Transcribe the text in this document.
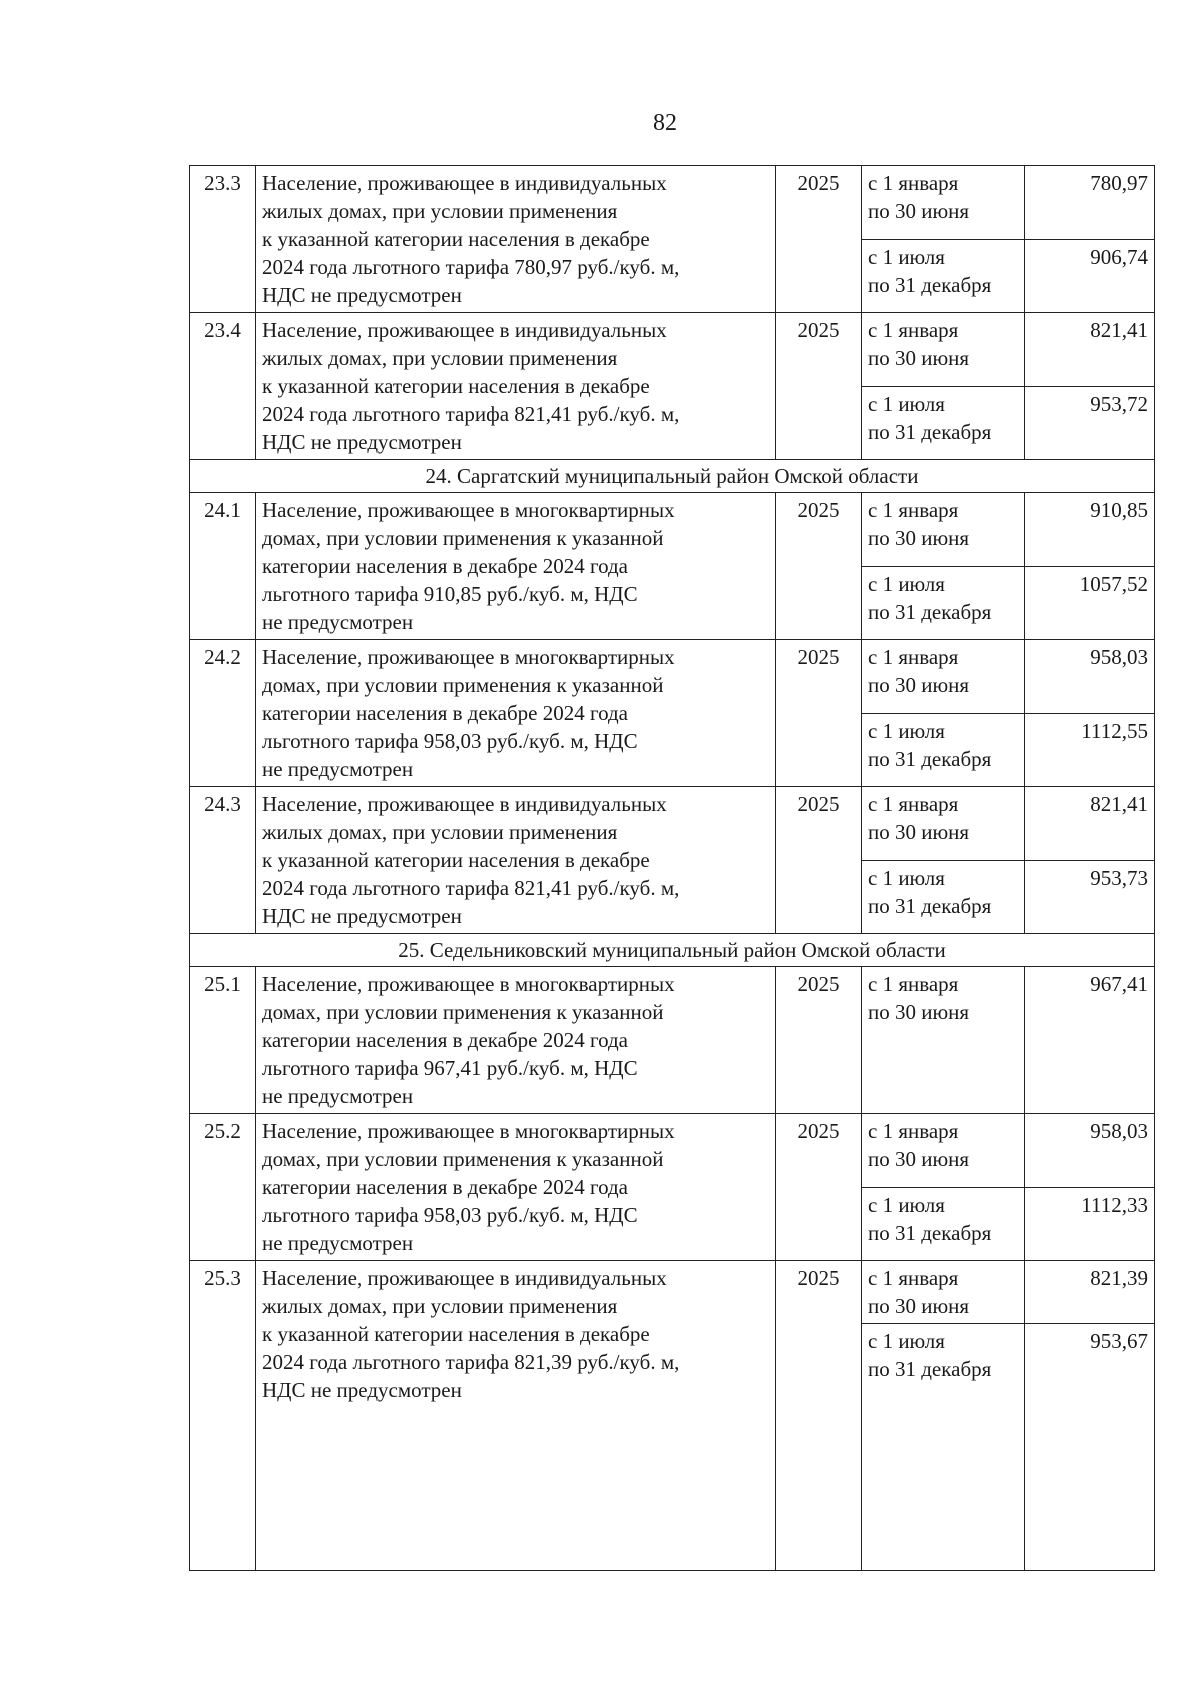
82
23.3	Население, проживающее в индивидуальных
жилых домах, при условии применения
к указанной категории населения в декабре
2024 года льготного тарифа 780,97 руб./куб. м,
НДС не предусмотрен	2025	с 1 января
по 30 июня	780,97
			с 1 июля
по 31 декабря	906,74
23.4	Население, проживающее в индивидуальных
жилых домах, при условии применения
к указанной категории населения в декабре
2024 года льготного тарифа 821,41 руб./куб. м,
НДС не предусмотрен	2025	с 1 января
по 30 июня	821,41
			с 1 июля
по 31 декабря	953,72
24. Саргатский муниципальный район Омской области				
24.1	Население, проживающее в многоквартирных
домах, при условии применения к указанной
категории населения в декабре 2024 года
льготного тарифа 910,85 руб./куб. м, НДС
не предусмотрен	2025	с 1 января
по 30 июня	910,85
			с 1 июля
по 31 декабря	1057,52
24.2	Население, проживающее в многоквартирных
домах, при условии применения к указанной
категории населения в декабре 2024 года
льготного тарифа 958,03 руб./куб. м, НДС
не предусмотрен	2025	с 1 января
по 30 июня	958,03
			с 1 июля
по 31 декабря	1112,55
24.3	Население, проживающее в индивидуальных
жилых домах, при условии применения
к указанной категории населения в декабре
2024 года льготного тарифа 821,41 руб./куб. м,
НДС не предусмотрен	2025	с 1 января
по 30 июня	821,41
			с 1 июля
по 31 декабря	953,73
25. Седельниковский муниципальный район Омской области				
25.1	Население, проживающее в многоквартирных
домах, при условии применения к указанной
категории населения в декабре 2024 года
льготного тарифа 967,41 руб./куб. м, НДС
не предусмотрен	2025	с 1 января
по 30 июня	967,41
25.2	Население, проживающее в многоквартирных
домах, при условии применения к указанной
категории населения в декабре 2024 года
льготного тарифа 958,03 руб./куб. м, НДС
не предусмотрен	2025	с 1 января
по 30 июня	958,03
			с 1 июля
по 31 декабря	1112,33
25.3	Население, проживающее в индивидуальных
жилых домах, при условии применения
к указанной категории населения в декабре
2024 года льготного тарифа 821,39 руб./куб. м,
НДС не предусмотрен	2025	с 1 января
по 30 июня	821,39
			с 1 июля
по 31 декабря	953,67
